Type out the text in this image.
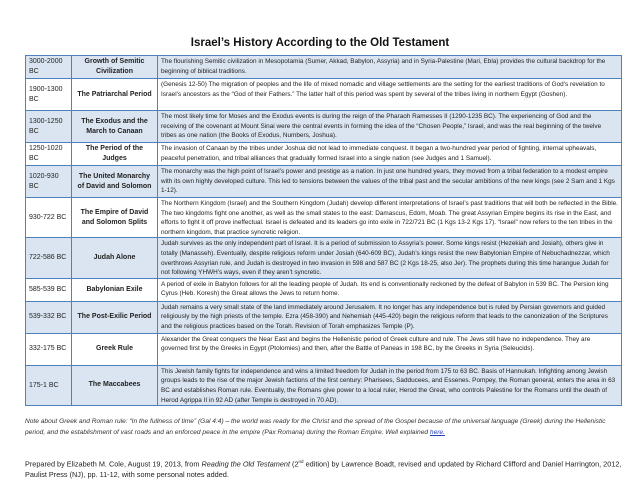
Israel’s History According to the Old Testament
3000-2000 BC	Growth of Semitic Civilization	The flourishing Semitic civilization in Mesopotamia (Sumer, Akkad, Babylon, Assyria) and in Syria-Palestine (Mari, Ebla) provides the cultural backdrop for the beginning of biblical traditions.
1900-1300 BC	The Patriarchal Period	(Genesis 12-50) The migration of peoples and the life of mixed nomadic and village settlements are the setting for the earliest traditions of God’s revelation to Israel’s ancestors as the “God of their Fathers.” The latter half of this period was spent by several of the tribes living in northern Egypt (Goshen).
1300-1250 BC	The Exodus and the March to Canaan	The most likely time for Moses and the Exodus events is during the reign of the Pharaoh Ramesses II (1290-1235 BC). The experiencing of God and the receiving of the covenant at Mount Sinai were the central events in forming the idea of the “Chosen People,” Israel, and was the real beginning of the twelve tribes as one nation (the Books of Exodus, Numbers, Joshua).
1250-1020 BC	The Period of the Judges	The invasion of Canaan by the tribes under Joshua did not lead to immediate conquest. It began a two-hundred year period of fighting, internal upheavals, peaceful penetration, and tribal alliances that gradually formed Israel into a single nation (see Judges and 1 Samuel).
1020-930 BC	The United Monarchy of David and Solomon	The monarchy was the high point of Israel’s power and prestige as a nation. In just one hundred years, they moved from a tribal federation to a modest empire with its own highly developed culture. This led to tensions between the values of the tribal past and the secular ambitions of the new kings (see 2 Sam and 1 Kgs 1-12).
930-722 BC	The Empire of David and Solomon Splits	The Northern Kingdom (Israel) and the Southern Kingdom (Judah) develop different interpretations of Israel’s past traditions that will both be reflected in the Bible. The two kingdoms fight one another, as well as the small states to the east: Damascus, Edom, Moab. The great Assyrian Empire begins its rise in the East, and efforts to fight it off prove ineffectual. Israel is defeated and its leaders go into exile in 722/721 BC (1 Kgs 13-2 Kgs 17). “Israel” now refers to the ten tribes in the northern kingdom, that practice syncretic religion.
722-586 BC	Judah Alone	Judah survives as the only independent part of Israel. It is a period of submission to Assyria’s power. Some kings resist (Hezekiah and Josiah), others give in totally (Manasseh). Eventually, despite religious reform under Josiah (640-609 BC), Judah’s kings resist the new Babylonian Empire of Nebuchadnezzar, which overthrows Assyrian rule, and Judah is destroyed in two invasion in 598 and 587 BC (2 Kgs 18-25, also Jer). The prophets during this time harangue Judah for not following YHWH’s ways, even if they aren’t syncretic.
585-539 BC	Babylonian Exile	A period of exile in Babylon follows for all the leading people of Judah. Its end is conventionally reckoned by the defeat of Babylon in 539 BC. The Persion king Cyrus (Heb. Koresh) the Great allows the Jews to return home.
539-332 BC	The Post-Exilic Period	Judah remains a very small state of the land immediately around Jerusalem. It no longer has any independence but is ruled by Persian governors and guided religiously by the high priests of the temple. Ezra (458-390) and Nehemiah (445-420) begin the religious reform that leads to the canonization of the Scriptures and the religious practices based on the Torah. Revision of Torah emphasizes Temple (P).
332-175 BC	Greek Rule	Alexander the Great conquers the Near East and begins the Hellenistic period of Greek culture and rule. The Jews still have no independence. They are governed first by the Greeks in Egypt (Ptolomies) and then, after the Battle of Paneas in 198 BC, by the Greeks in Syria (Seleucids).
175-1 BC	The Maccabees	This Jewish family fights for independence and wins a limited freedom for Judah in the period from 175 to 63 BC. Basis of Hannukah. Infighting among Jewish groups leads to the rise of the major Jewish factions of the first century: Pharisees, Sadducees, and Essenes. Pompey, the Roman general, enters the area in 63 BC and establishes Roman rule. Eventually, the Romans give power to a local ruler, Herod the Great, who controls Palestine for the Romans until the death of Herod Agrippa II in 92 AD (after Temple is destroyed in 70 AD).
Note about Greek and Roman rule: “In the fullness of time” (Gal 4:4) – the world was ready for the Christ and the spread of the Gospel because of the universal language (Greek) during the Hellenistic period, and the establishment of vast roads and an enforced peace in the empire (Pax Romana) during the Roman Empire. Well explained here.
Prepared by Elizabeth M. Cole, August 19, 2013, from Reading the Old Testament (2nd edition) by Lawrence Boadt, revised and updated by Richard Clifford and Daniel Harrington, 2012, Paulist Press (NJ), pp. 11-12, with some personal notes added.
